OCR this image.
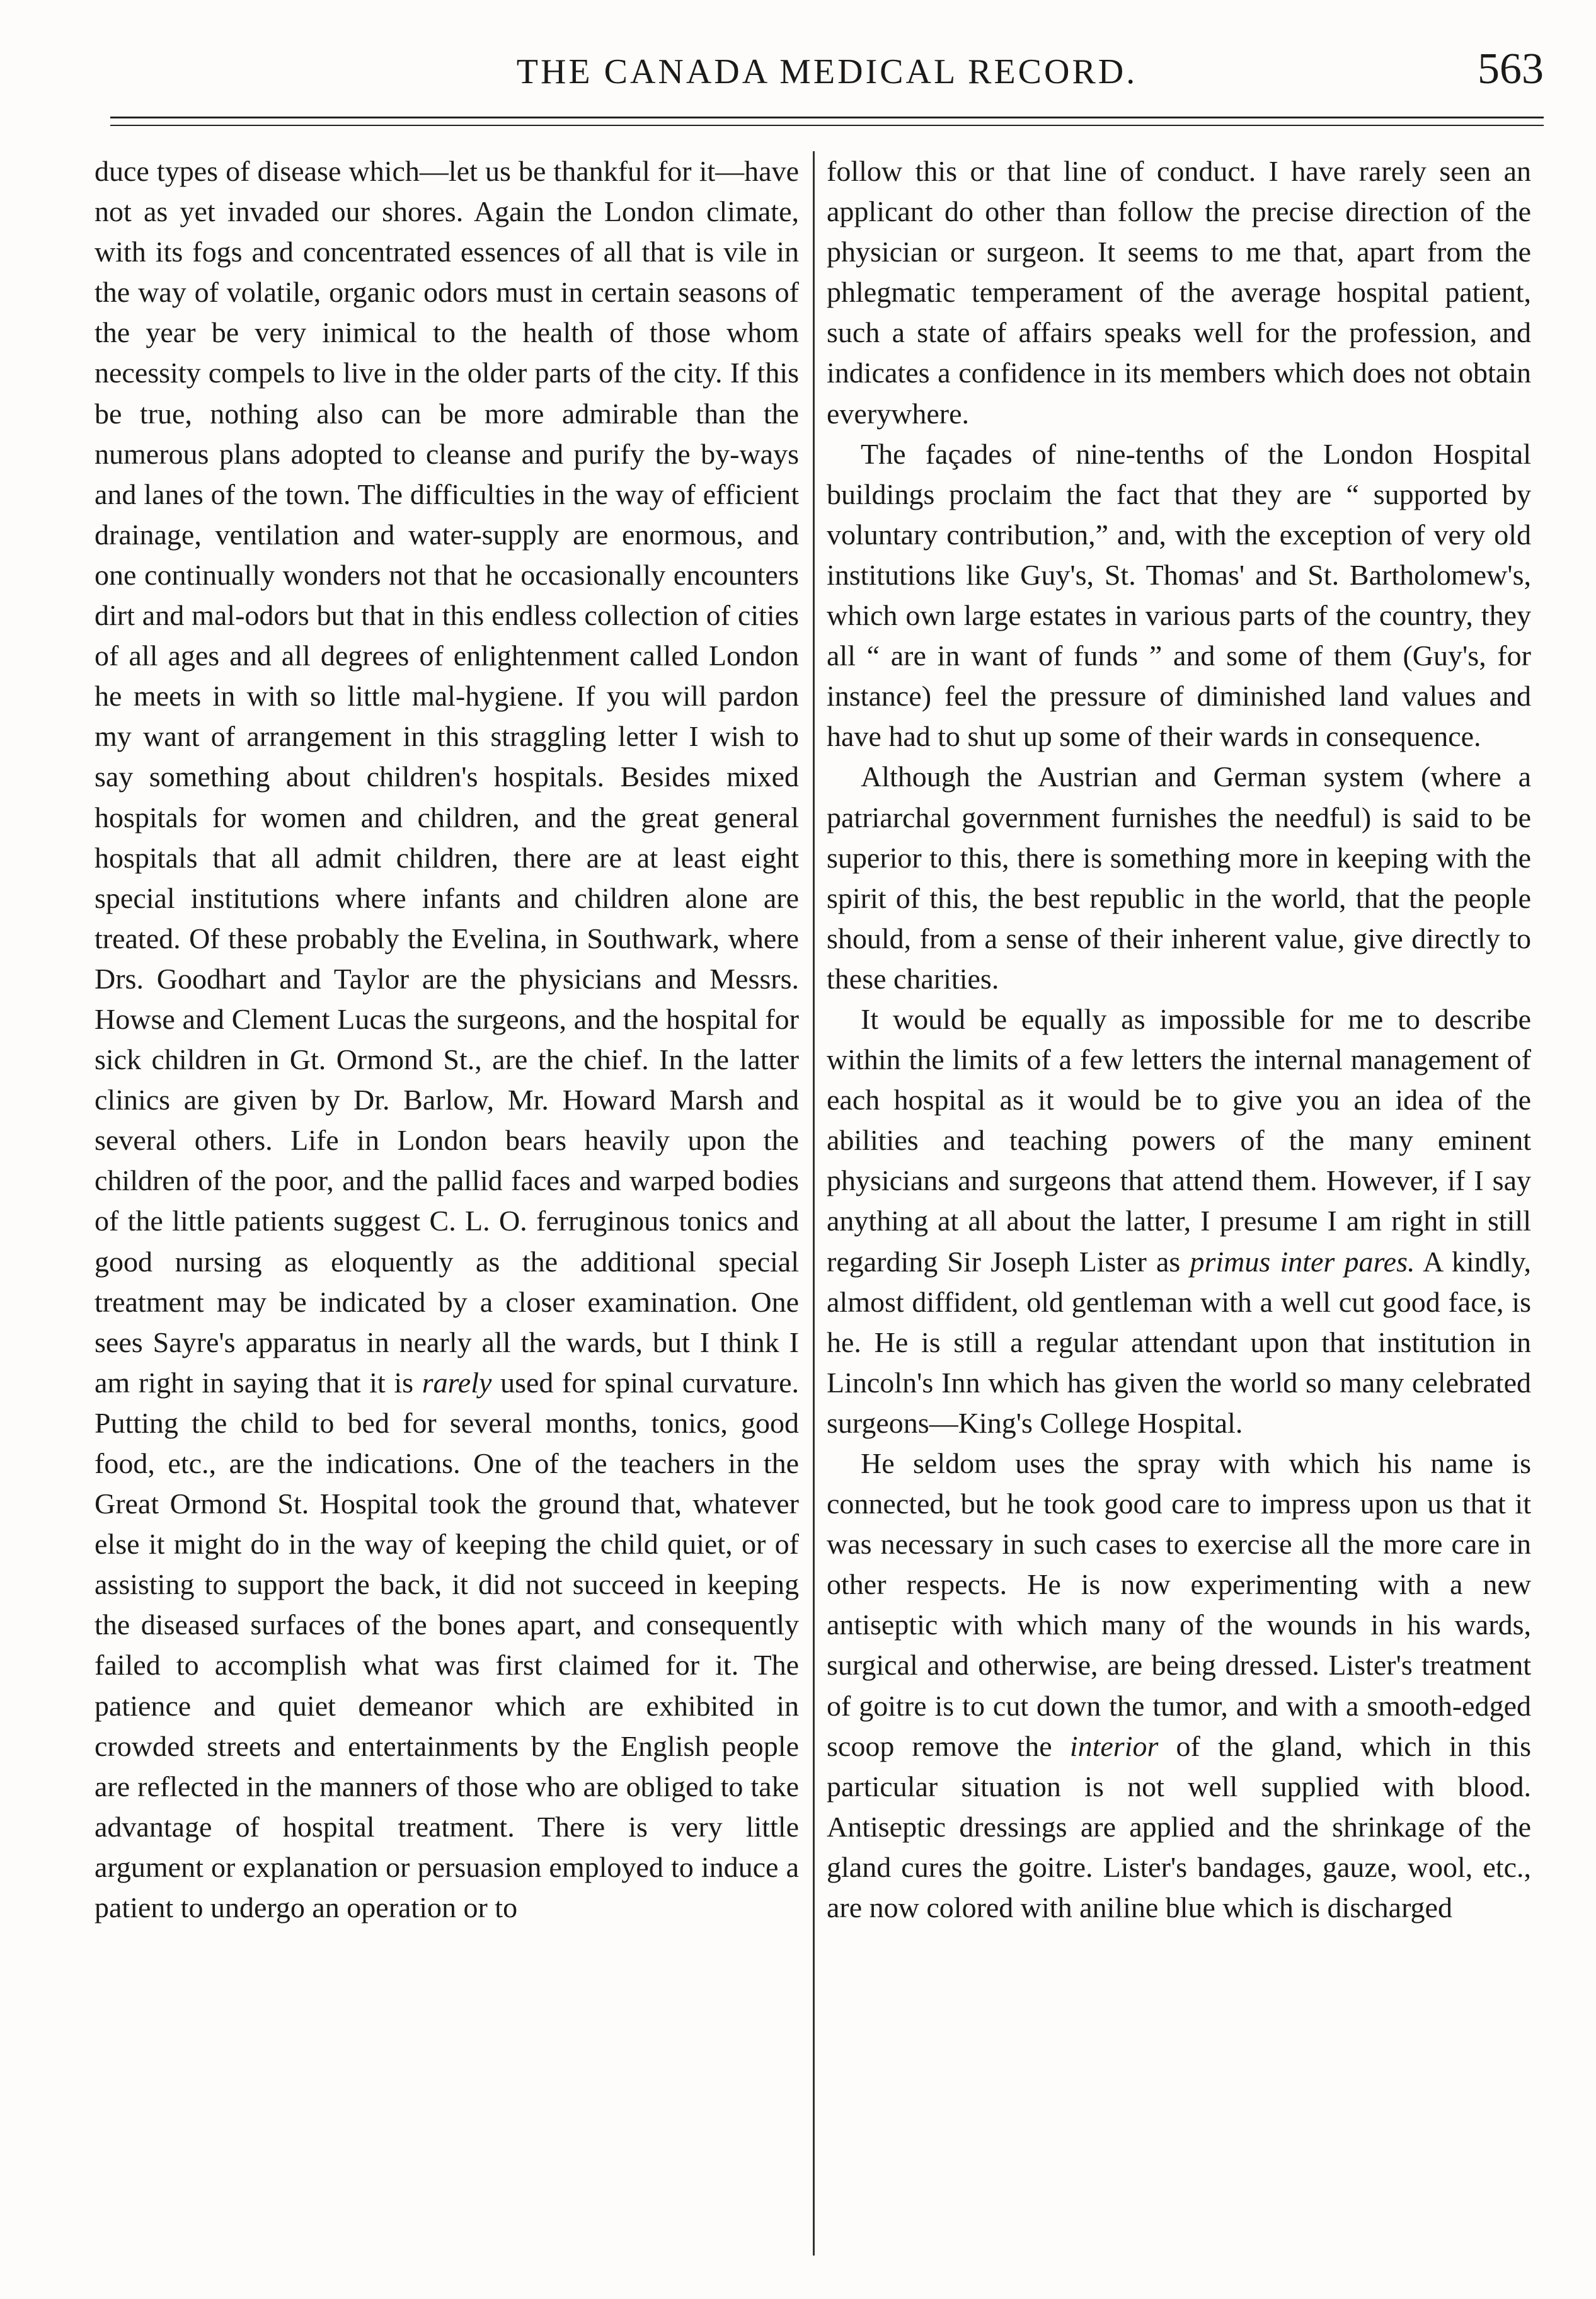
THE CANADA MEDICAL RECORD.	563

duce types of disease which—let us be thankful for it—have not as yet invaded our shores. Again the London climate, with its fogs and concentrated essences of all that is vile in the way of volatile, organic odors must in certain seasons of the year be very inimical to the health of those whom necessity compels to live in the older parts of the city. If this be true, nothing also can be more admirable than the numerous plans adopted to cleanse and purify the by-ways and lanes of the town. The difficulties in the way of efficient drainage, ventilation and water-supply are enormous, and one continually wonders not that he occasionally encounters dirt and mal-odors but that in this endless collection of cities of all ages and all degrees of enlightenment called London he meets in with so little mal-hygiene. If you will pardon my want of arrangement in this straggling letter I wish to say something about children's hospitals. Besides mixed hospitals for women and children, and the great general hospitals that all admit children, there are at least eight special institutions where infants and children alone are treated. Of these probably the Evelina, in Southwark, where Drs. Goodhart and Taylor are the physicians and Messrs. Howse and Clement Lucas the surgeons, and the hospital for sick children in Gt. Ormond St., are the chief. In the latter clinics are given by Dr. Barlow, Mr. Howard Marsh and several others. Life in London bears heavily upon the children of the poor, and the pallid faces and warped bodies of the little patients suggest C. L. O. ferruginous tonics and good nursing as eloquently as the additional special treatment may be indicated by a closer examination. One sees Sayre's apparatus in nearly all the wards, but I think I am right in saying that it is rarely used for spinal curvature. Putting the child to bed for several months, tonics, good food, etc., are the indications. One of the teachers in the Great Ormond St. Hospital took the ground that, whatever else it might do in the way of keeping the child quiet, or of assisting to support the back, it did not succeed in keeping the diseased surfaces of the bones apart, and consequently failed to accomplish what was first claimed for it. The patience and quiet demeanor which are exhibited in crowded streets and entertainments by the English people are reflected in the manners of those who are obliged to take advantage of hospital treatment. There is very little argument or explanation or persuasion employed to induce a patient to undergo an operation or to

follow this or that line of conduct. I have rarely seen an applicant do other than follow the precise direction of the physician or surgeon. It seems to me that, apart from the phlegmatic temperament of the average hospital patient, such a state of affairs speaks well for the profession, and indicates a confidence in its members which does not obtain everywhere.

The façades of nine-tenths of the London Hospital buildings proclaim the fact that they are “ supported by voluntary contribution,” and, with the exception of very old institutions like Guy's, St. Thomas' and St. Bartholomew's, which own large estates in various parts of the country, they all “ are in want of funds ” and some of them (Guy's, for instance) feel the pressure of diminished land values and have had to shut up some of their wards in consequence.

Although the Austrian and German system (where a patriarchal government furnishes the needful) is said to be superior to this, there is something more in keeping with the spirit of this, the best republic in the world, that the people should, from a sense of their inherent value, give directly to these charities.

It would be equally as impossible for me to describe within the limits of a few letters the internal management of each hospital as it would be to give you an idea of the abilities and teaching powers of the many eminent physicians and surgeons that attend them. However, if I say anything at all about the latter, I presume I am right in still regarding Sir Joseph Lister as primus inter pares. A kindly, almost diffident, old gentleman with a well cut good face, is he. He is still a regular attendant upon that institution in Lincoln's Inn which has given the world so many celebrated surgeons—King's College Hospital.

He seldom uses the spray with which his name is connected, but he took good care to impress upon us that it was necessary in such cases to exercise all the more care in other respects. He is now experimenting with a new antiseptic with which many of the wounds in his wards, surgical and otherwise, are being dressed. Lister's treatment of goitre is to cut down the tumor, and with a smooth-edged scoop remove the interior of the gland, which in this particular situation is not well supplied with blood. Antiseptic dressings are applied and the shrinkage of the gland cures the goitre. Lister's bandages, gauze, wool, etc., are now colored with aniline blue which is discharged
